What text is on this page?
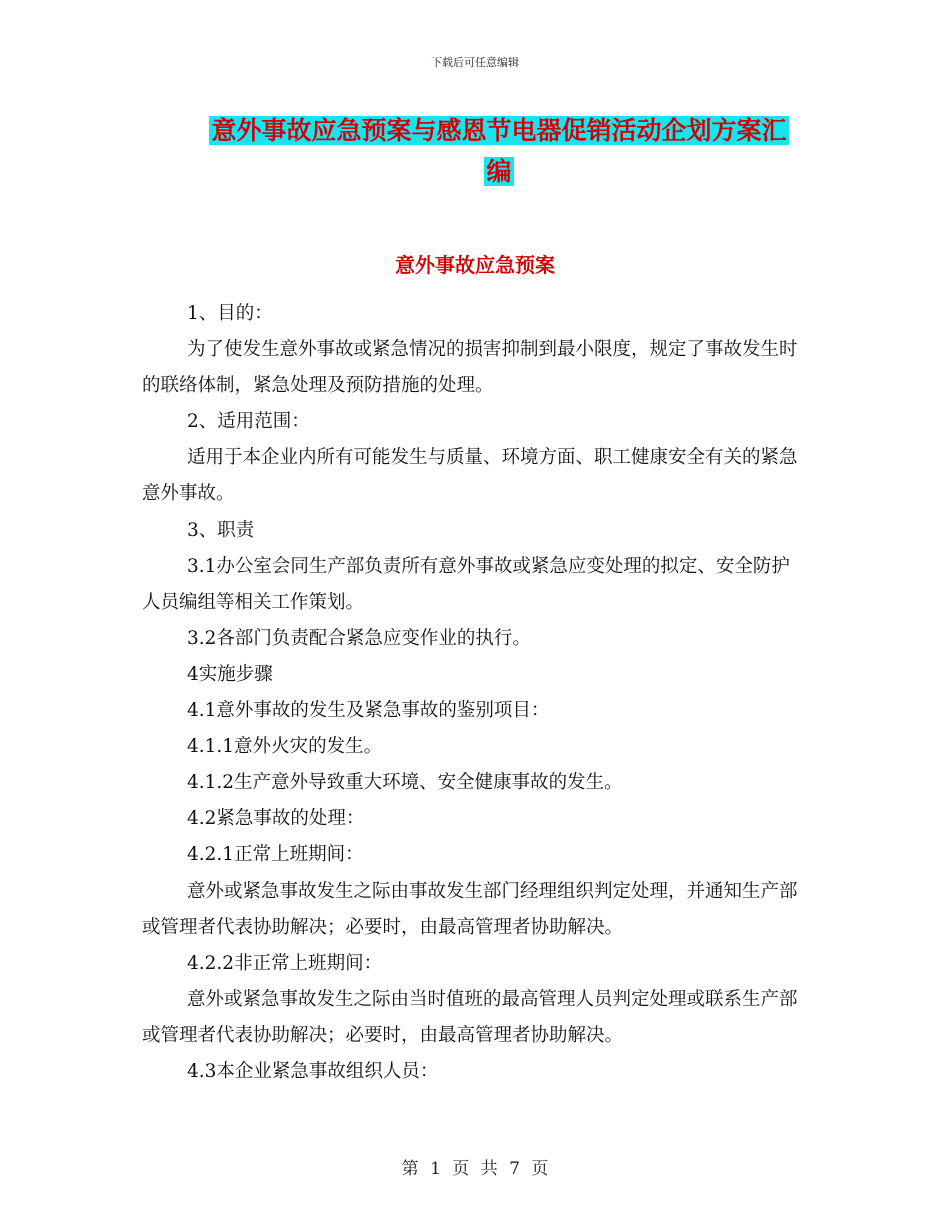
下载后可任意编辑
意外事故应急预案与感恩节电器促销活动企划方案汇
编
意外事故应急预案

1、目的：

为了使发生意外事故或紧急情况的损害抑制到最小限度，规定了事故发生时的联络体制，紧急处理及预防措施的处理。

2、适用范围：

适用于本企业内所有可能发生与质量、环境方面、职工健康安全有关的紧急意外事故。

3、职责

3.1办公室会同生产部负责所有意外事故或紧急应变处理的拟定、安全防护人员编组等相关工作策划。

3.2各部门负责配合紧急应变作业的执行。

4实施步骤

4.1意外事故的发生及紧急事故的鉴别项目：

4.1.1意外火灾的发生。

4.1.2生产意外导致重大环境、安全健康事故的发生。

4.2紧急事故的处理：

4.2.1正常上班期间：

意外或紧急事故发生之际由事故发生部门经理组织判定处理，并通知生产部或管理者代表协助解决；必要时，由最高管理者协助解决。

4.2.2非正常上班期间：

意外或紧急事故发生之际由当时值班的最高管理人员判定处理或联系生产部或管理者代表协助解决；必要时，由最高管理者协助解决。

4.3本企业紧急事故组织人员：

第 1 页 共 7 页
